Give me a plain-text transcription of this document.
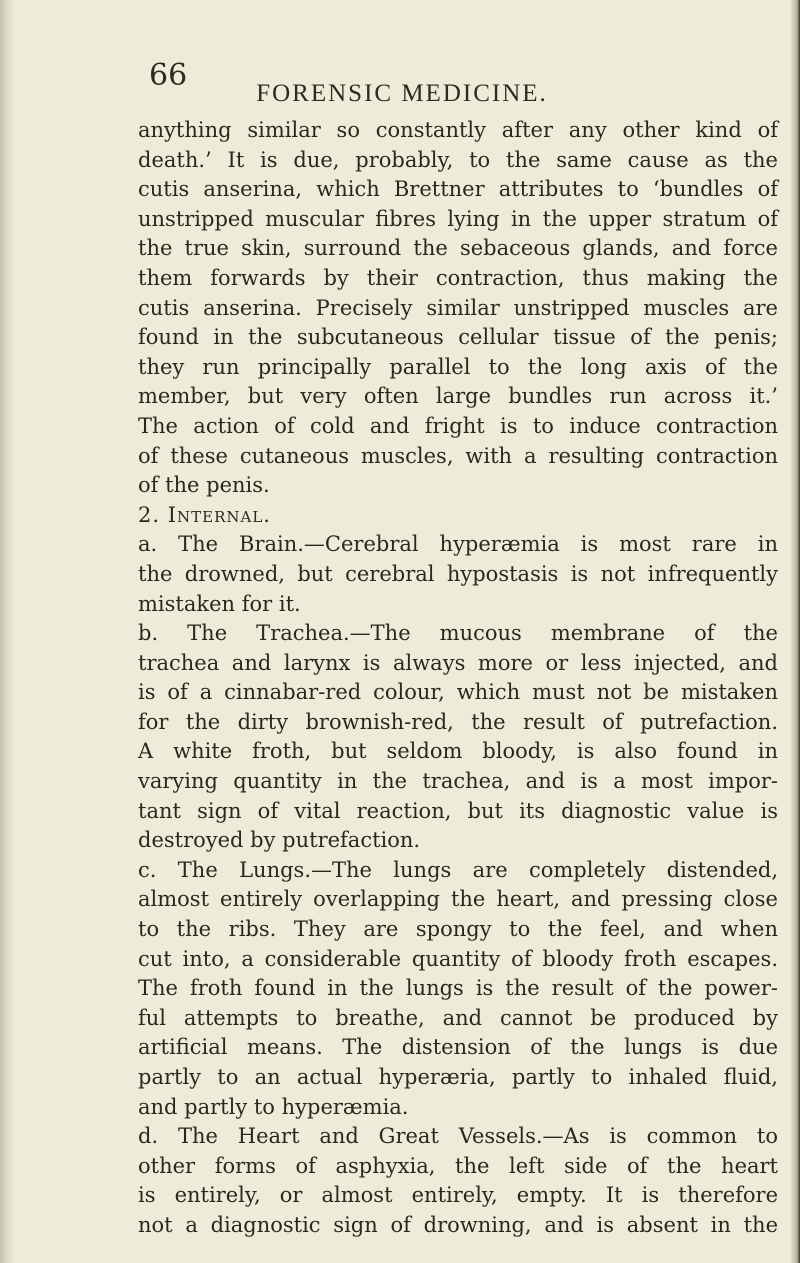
66
FORENSIC MEDICINE.
anything similar so constantly after any other kind of
death.’ It is due, probably, to the same cause as the
cutis anserina, which Brettner attributes to ‘bundles of
unstripped muscular fibres lying in the upper stratum of
the true skin, surround the sebaceous glands, and force
them forwards by their contraction, thus making the
cutis anserina. Precisely similar unstripped muscles are
found in the subcutaneous cellular tissue of the penis;
they run principally parallel to the long axis of the
member, but very often large bundles run across it.’
The action of cold and fright is to induce contraction
of these cutaneous muscles, with a resulting contraction
of the penis.
2. Internal.
a. The Brain.—Cerebral hyperæmia is most rare in
the drowned, but cerebral hypostasis is not infrequently
mistaken for it.
b. The Trachea.—The mucous membrane of the
trachea and larynx is always more or less injected, and
is of a cinnabar-red colour, which must not be mistaken
for the dirty brownish-red, the result of putrefaction.
A white froth, but seldom bloody, is also found in
varying quantity in the trachea, and is a most impor-
tant sign of vital reaction, but its diagnostic value is
destroyed by putrefaction.
c. The Lungs.—The lungs are completely distended,
almost entirely overlapping the heart, and pressing close
to the ribs. They are spongy to the feel, and when
cut into, a considerable quantity of bloody froth escapes.
The froth found in the lungs is the result of the power-
ful attempts to breathe, and cannot be produced by
artificial means. The distension of the lungs is due
partly to an actual hyperæria, partly to inhaled fluid,
and partly to hyperæmia.
d. The Heart and Great Vessels.—As is common to
other forms of asphyxia, the left side of the heart
is entirely, or almost entirely, empty. It is therefore
not a diagnostic sign of drowning, and is absent in the
